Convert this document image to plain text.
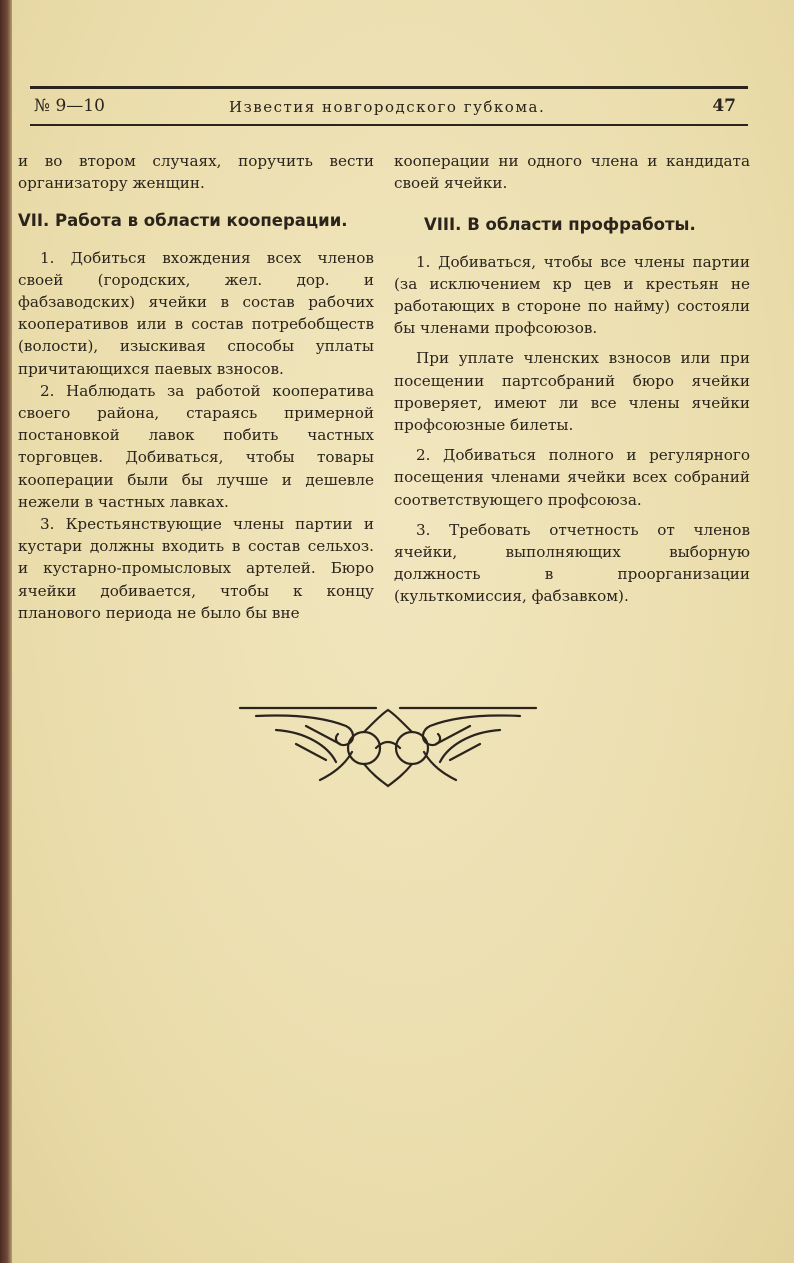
№ 9—10	Известия новгородского губкома.	47

и во втором случаях, поручить вести организатору женщин.

VII. Работа в области кооперации.

1. Добиться вхождения всех членов своей (городских, жел. дор. и фабзаводских) ячейки в состав рабочих кооперативов или в состав потребобществ (волости), изыскивая способы уплаты причитающихся паевых взносов.

2. Наблюдать за работой кооператива своего района, стараясь примерной постановкой лавок побить частных торговцев. Добиваться, чтобы товары кооперации были бы лучше и дешевле нежели в частных лавках.

3. Крестьянствующие члены партии и кустари должны входить в состав сельхоз. и кустарно-промысловых артелей. Бюро ячейки добивается, чтобы к концу планового периода не было бы вне

кооперации ни одного члена и кандидата своей ячейки.

VIII. В области профработы.

1. Добиваться, чтобы все члены партии (за исключением кр цев и крестьян не работающих в стороне по найму) состояли бы членами профсоюзов.

При уплате членских взносов или при посещении партсобраний бюро ячейки проверяет, имеют ли все члены ячейки профсоюзные билеты.

2. Добиваться полного и регулярного посещения членами ячейки всех собраний соответствующего профсоюза.

3. Требовать отчетность от членов ячейки, выполняющих выборную должность в проорганизации (культкомиссия, фабзавком).
